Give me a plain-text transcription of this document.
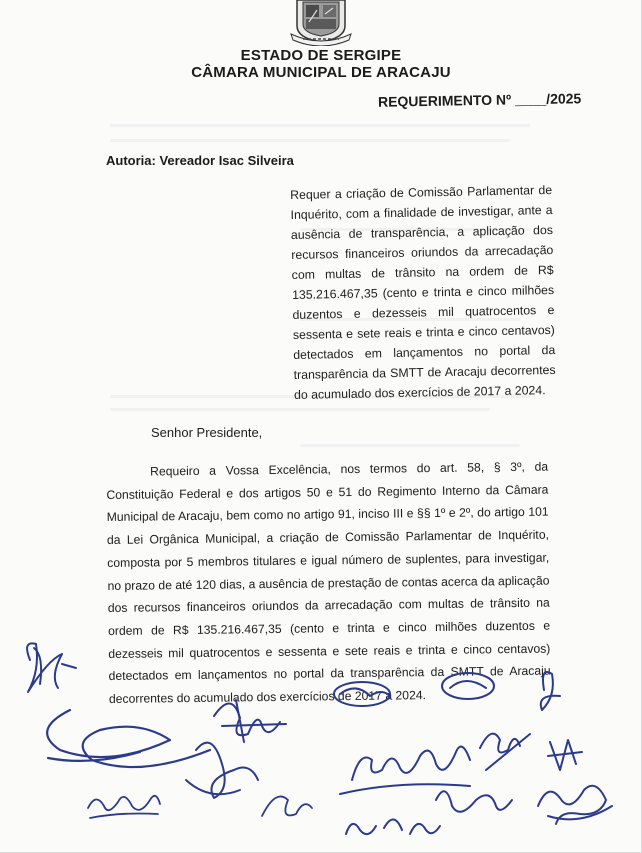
ESTADO DE SERGIPE
CÂMARA MUNICIPAL DE ARACAJU
REQUERIMENTO Nº ____/2025
Autoria: Vereador Isac Silveira
Requer a criação de Comissão Parlamentar de Inquérito, com a finalidade de investigar, ante a ausência de transparência, a aplicação dos recursos financeiros oriundos da arrecadação com multas de trânsito na ordem de R$ 135.216.467,35 (cento e trinta e cinco milhões duzentos e dezesseis mil quatrocentos e sessenta e sete reais e trinta e cinco centavos) detectados em lançamentos no portal da transparência da SMTT de Aracaju decorrentes do acumulado dos exercícios de 2017 a 2024.
Senhor Presidente,
Requeiro a Vossa Excelência, nos termos do art. 58, § 3º, da Constituição Federal e dos artigos 50 e 51 do Regimento Interno da Câmara Municipal de Aracaju, bem como no artigo 91, inciso III e §§ 1º e 2º, do artigo 101 da Lei Orgânica Municipal, a criação de Comissão Parlamentar de Inquérito, composta por 5 membros titulares e igual número de suplentes, para investigar, no prazo de até 120 dias, a ausência de prestação de contas acerca da aplicação dos recursos financeiros oriundos da arrecadação com multas de trânsito na ordem de R$ 135.216.467,35 (cento e trinta e cinco milhões duzentos e dezesseis mil quatrocentos e sessenta e sete reais e trinta e cinco centavos) detectados em lançamentos no portal da transparência da SMTT de Aracaju decorrentes do acumulado dos exercícios de 2017 a 2024.
